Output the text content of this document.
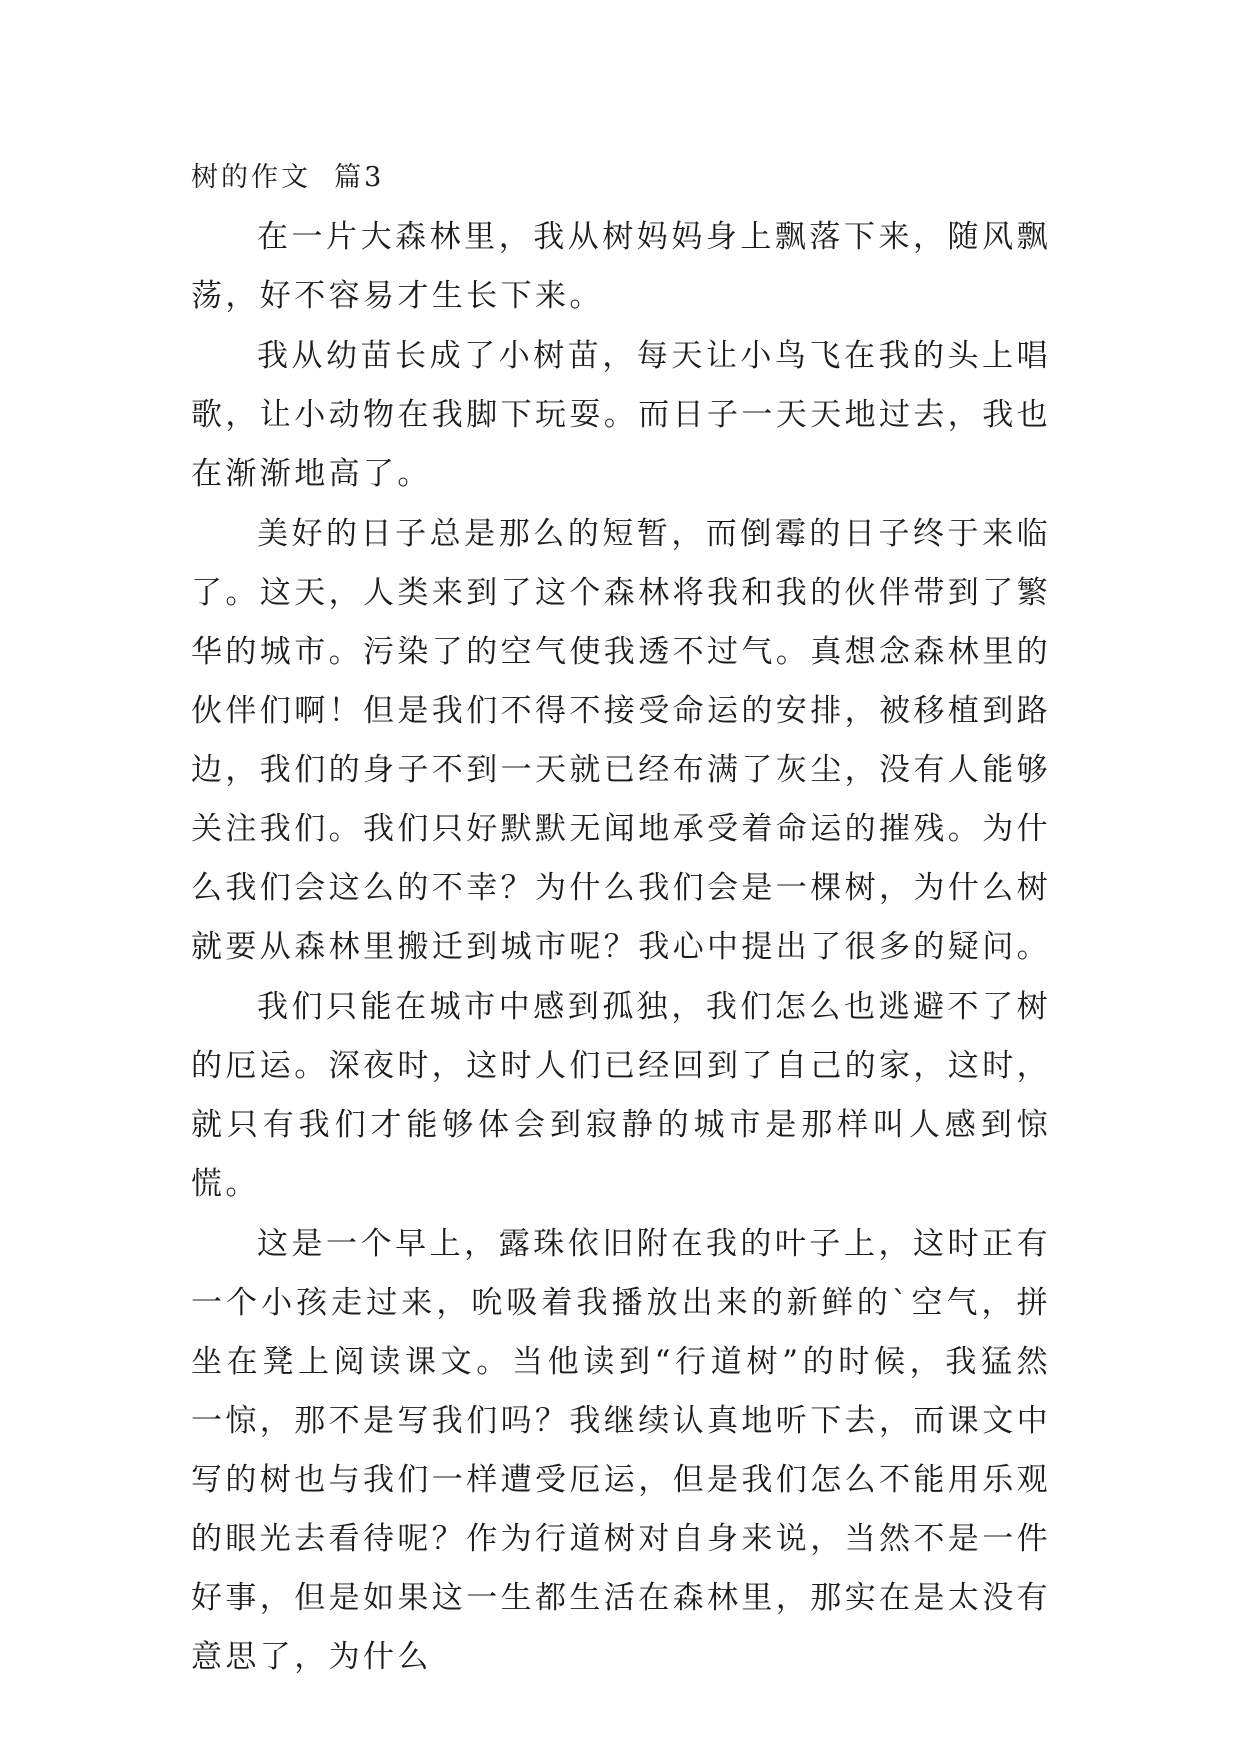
树的作文  篇3

在一片大森林里，我从树妈妈身上飘落下来，随风飘荡，好不容易才生长下来。

我从幼苗长成了小树苗，每天让小鸟飞在我的头上唱歌，让小动物在我脚下玩耍。而日子一天天地过去，我也在渐渐地高了。

美好的日子总是那么的短暂，而倒霉的日子终于来临了。这天，人类来到了这个森林将我和我的伙伴带到了繁华的城市。污染了的空气使我透不过气。真想念森林里的伙伴们啊！但是我们不得不接受命运的安排，被移植到路边，我们的身子不到一天就已经布满了灰尘，没有人能够关注我们。我们只好默默无闻地承受着命运的摧残。为什么我们会这么的不幸？为什么我们会是一棵树，为什么树就要从森林里搬迁到城市呢？我心中提出了很多的疑问。

我们只能在城市中感到孤独，我们怎么也逃避不了树的厄运。深夜时，这时人们已经回到了自己的家，这时，就只有我们才能够体会到寂静的城市是那样叫人感到惊慌。

这是一个早上，露珠依旧附在我的叶子上，这时正有一个小孩走过来，吮吸着我播放出来的新鲜的`空气，拼坐在凳上阅读课文。当他读到“行道树”的时候，我猛然一惊，那不是写我们吗？我继续认真地听下去，而课文中写的树也与我们一样遭受厄运，但是我们怎么不能用乐观的眼光去看待呢？作为行道树对自身来说，当然不是一件好事，但是如果这一生都生活在森林里，那实在是太没有意思了，为什么
